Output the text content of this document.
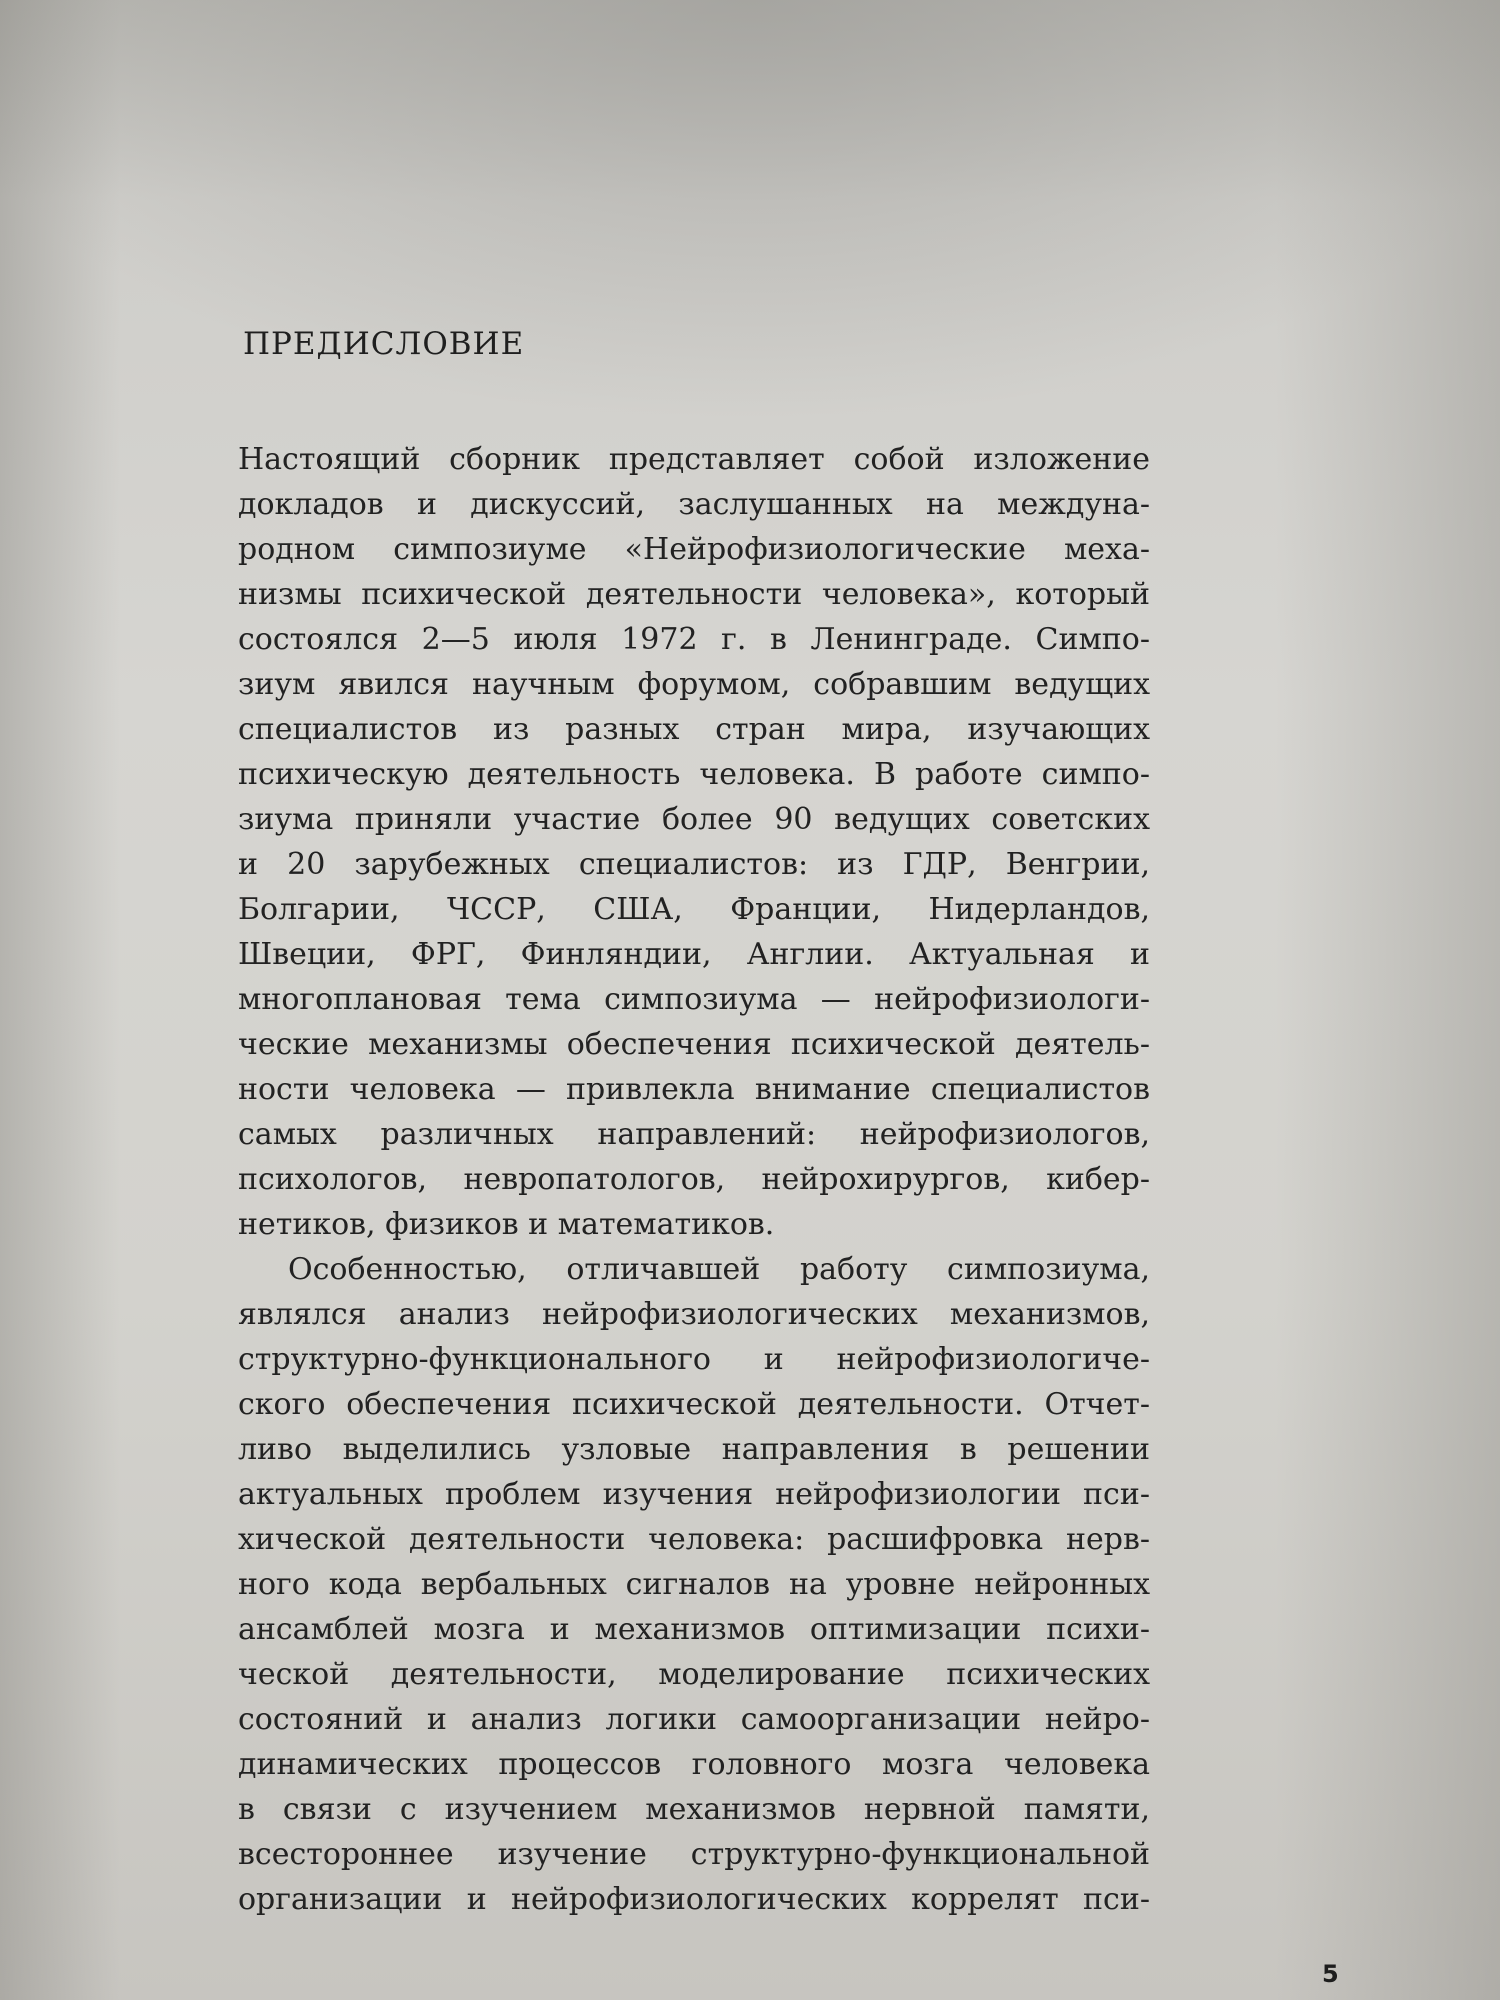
ПРЕДИСЛОВИЕ

Настоящий сборник представляет собой изложение
докладов и дискуссий, заслушанных на междуна-
родном симпозиуме «Нейрофизиологические меха-
низмы психической деятельности человека», который
состоялся 2—5 июля 1972 г. в Ленинграде. Симпо-
зиум явился научным форумом, собравшим ведущих
специалистов из разных стран мира, изучающих
психическую деятельность человека. В работе симпо-
зиума приняли участие более 90 ведущих советских
и 20 зарубежных специалистов: из ГДР, Венгрии,
Болгарии, ЧССР, США, Франции, Нидерландов,
Швеции, ФРГ, Финляндии, Англии. Актуальная и
многоплановая тема симпозиума — нейрофизиологи-
ческие механизмы обеспечения психической деятель-
ности человека — привлекла внимание специалистов
самых различных направлений: нейрофизиологов,
психологов, невропатологов, нейрохирургов, кибер-
нетиков, физиков и математиков.

Особенностью, отличавшей работу симпозиума,
являлся анализ нейрофизиологических механизмов,
структурно-функционального и нейрофизиологиче-
ского обеспечения психической деятельности. Отчет-
ливо выделились узловые направления в решении
актуальных проблем изучения нейрофизиологии пси-
хической деятельности человека: расшифровка нерв-
ного кода вербальных сигналов на уровне нейронных
ансамблей мозга и механизмов оптимизации психи-
ческой деятельности, моделирование психических
состояний и анализ логики самоорганизации нейро-
динамических процессов головного мозга человека
в связи с изучением механизмов нервной памяти,
всестороннее изучение структурно-функциональной
организации и нейрофизиологических коррелят пси-

5
